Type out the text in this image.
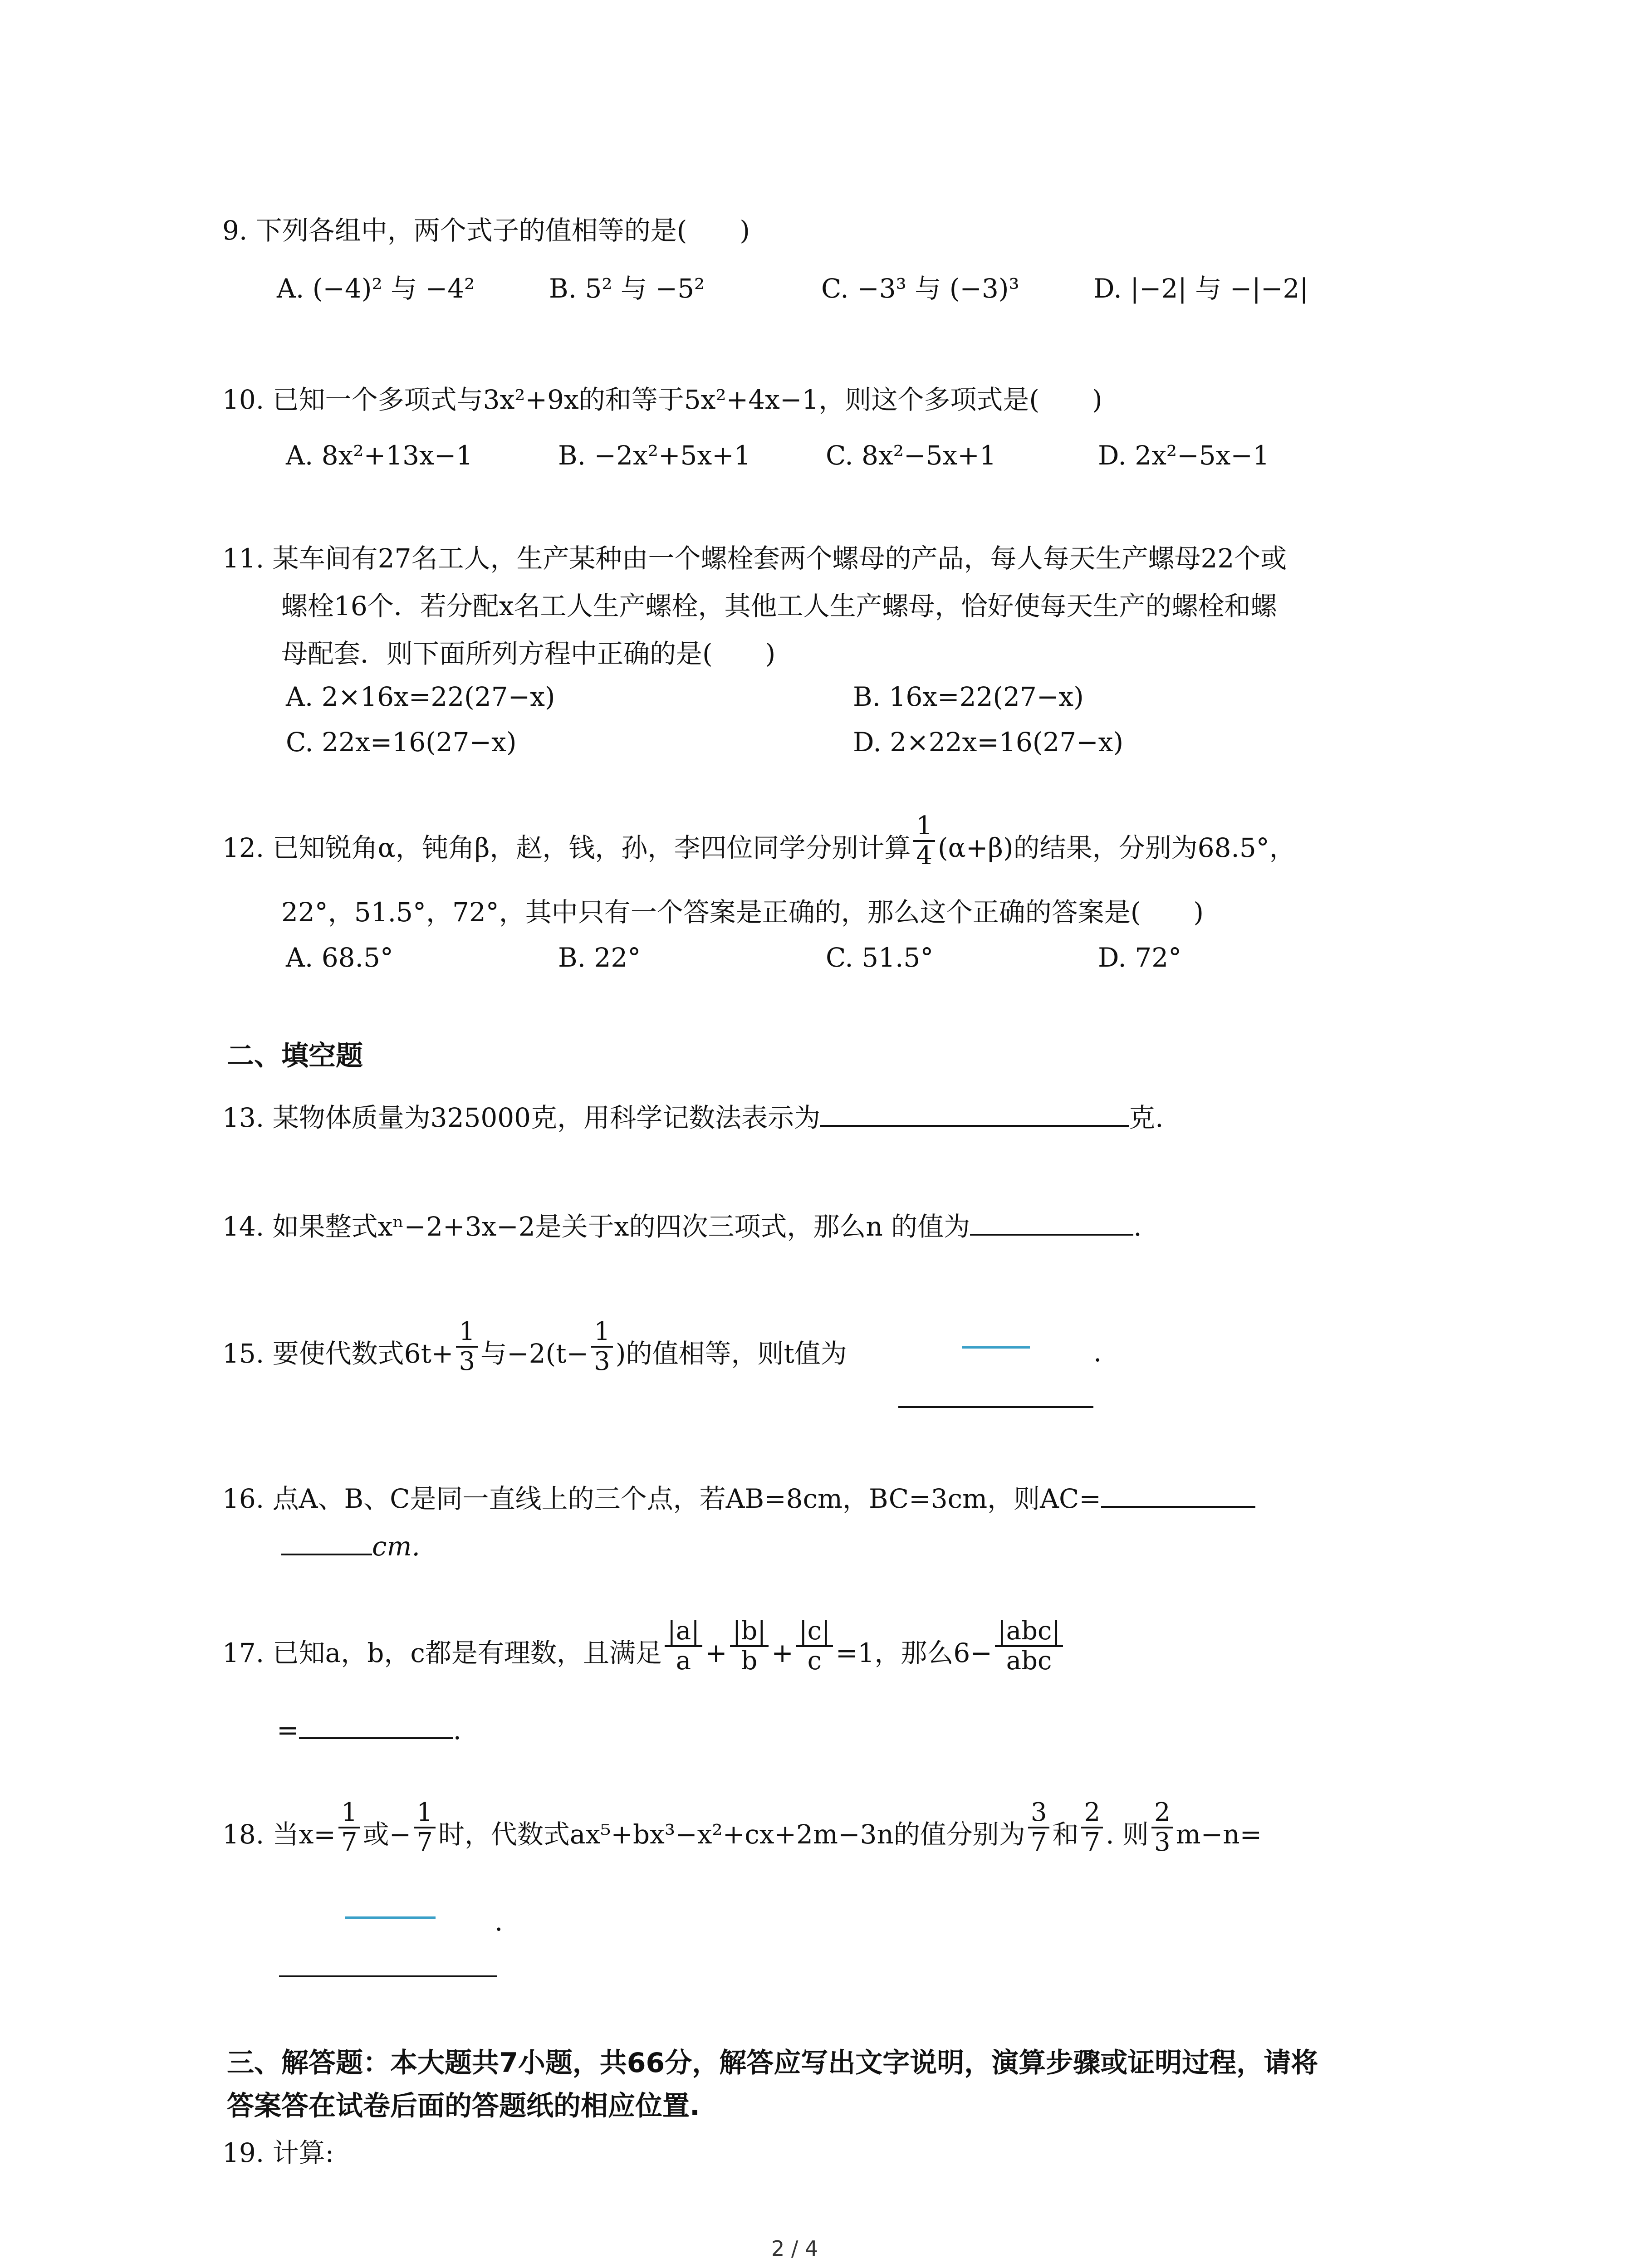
9. 下列各组中，两个式子的值相等的是(　　)
A. (−4)² 与 −4²	B. 5² 与 −5²	C. −3³ 与 (−3)³	D. |−2| 与 −|−2|
10. 已知一个多项式与3x²+9x的和等于5x²+4x−1，则这个多项式是(　　)
A. 8x²+13x−1	B. −2x²+5x+1	C. 8x²−5x+1	D. 2x²−5x−1
11. 某车间有27名工人，生产某种由一个螺栓套两个螺母的产品，每人每天生产螺母22个或
螺栓16个．若分配x名工人生产螺栓，其他工人生产螺母，恰好使每天生产的螺栓和螺
母配套．则下面所列方程中正确的是(　　)
A. 2×16x=22(27−x)	B. 16x=22(27−x)
C. 22x=16(27−x)	D. 2×22x=16(27−x)
12. 已知锐角α，钝角β，赵，钱，孙，李四位同学分别计算 $\frac{1}{4} (\alpha+\beta)$的结果，分别为68.5°，
22°，51.5°，72°，其中只有一个答案是正确的，那么这个正确的答案是(　　)
A. 68.5°	B. 22°	C. 51.5°	D. 72°
二、填空题
13. 某物体质量为325000克，用科学记数法表示为	克.
14. 如果整式xⁿ−2+3x−2是关于x的四次三项式，那么n 的值为	.
15. 要使代数式$6t+ \frac{1}{3}$ 与$-2(t- \frac{1}{3}$ )的值相等，则t值为	.
16. 点A、B、C是同一直线上的三个点，若AB=8cm，BC=3cm，则AC=
cm.
17. 已知a，b，c都是有理数，且满足 $\frac{|a|}{a} + \frac{|b|}{b} + \frac{|c|}{c} =1$，那么$6- \frac{\text{|abc|}}{\text{abc}}$
=	.
18. 当$x= \frac{1}{7}$ 或− $\frac{1}{7}$ 时，代数式ax⁵+bx³−x²+cx+2m−3n的值分别为 $\frac{3}{7}$ 和 $\frac{2}{7}$ . 则 $\frac{2}{3} m-n=$
.
三、解答题：本大题共7小题，共66分，解答应写出文字说明，演算步骤或证明过程，请将
答案答在试卷后面的答题纸的相应位置.
19. 计算:
2 / 4
